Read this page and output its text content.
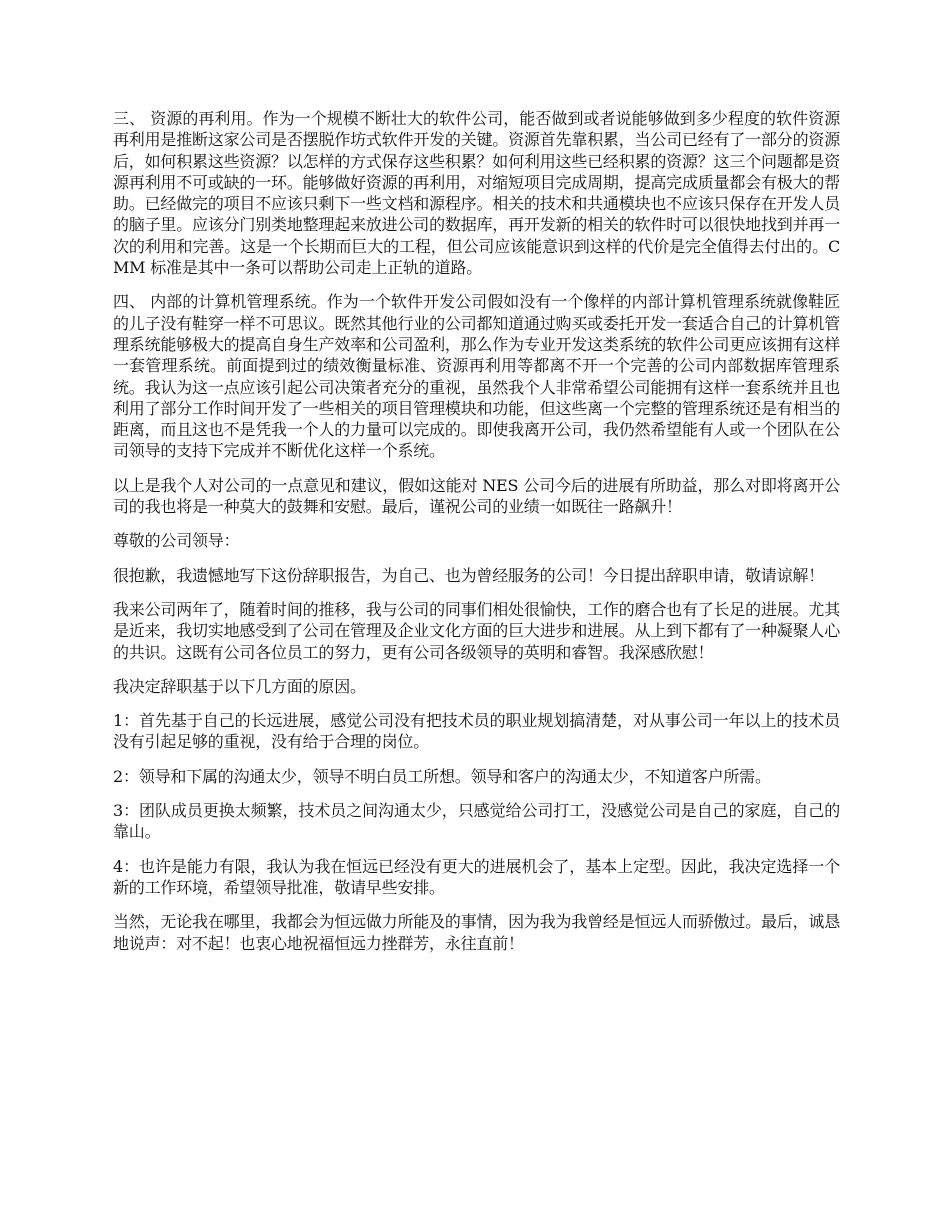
三、 资源的再利用。作为一个规模不断壮大的软件公司，能否做到或者说能够做到多少程度的软件资源再利用是推断这家公司是否摆脱作坊式软件开发的关键。资源首先靠积累，当公司已经有了一部分的资源后，如何积累这些资源？以怎样的方式保存这些积累？如何利用这些已经积累的资源？这三个问题都是资源再利用不可或缺的一环。能够做好资源的再利用，对缩短项目完成周期，提高完成质量都会有极大的帮助。已经做完的项目不应该只剩下一些文档和源程序。相关的技术和共通模块也不应该只保存在开发人员的脑子里。应该分门别类地整理起来放进公司的数据库，再开发新的相关的软件时可以很快地找到并再一次的利用和完善。这是一个长期而巨大的工程，但公司应该能意识到这样的代价是完全值得去付出的。CMM 标准是其中一条可以帮助公司走上正轨的道路。

四、 内部的计算机管理系统。作为一个软件开发公司假如没有一个像样的内部计算机管理系统就像鞋匠的儿子没有鞋穿一样不可思议。既然其他行业的公司都知道通过购买或委托开发一套适合自己的计算机管理系统能够极大的提高自身生产效率和公司盈利，那么作为专业开发这类系统的软件公司更应该拥有这样一套管理系统。前面提到过的绩效衡量标准、资源再利用等都离不开一个完善的公司内部数据库管理系统。我认为这一点应该引起公司决策者充分的重视，虽然我个人非常希望公司能拥有这样一套系统并且也利用了部分工作时间开发了一些相关的项目管理模块和功能，但这些离一个完整的管理系统还是有相当的距离，而且这也不是凭我一个人的力量可以完成的。即使我离开公司，我仍然希望能有人或一个团队在公司领导的支持下完成并不断优化这样一个系统。

以上是我个人对公司的一点意见和建议，假如这能对 NES 公司今后的进展有所助益，那么对即将离开公司的我也将是一种莫大的鼓舞和安慰。最后，谨祝公司的业绩一如既往一路飙升！

尊敬的公司领导：

很抱歉，我遗憾地写下这份辞职报告，为自己、也为曾经服务的公司！今日提出辞职申请，敬请谅解！

我来公司两年了，随着时间的推移，我与公司的同事们相处很愉快，工作的磨合也有了长足的进展。尤其是近来，我切实地感受到了公司在管理及企业文化方面的巨大进步和进展。从上到下都有了一种凝聚人心的共识。这既有公司各位员工的努力，更有公司各级领导的英明和睿智。我深感欣慰！

我决定辞职基于以下几方面的原因。

1：首先基于自己的长远进展，感觉公司没有把技术员的职业规划搞清楚，对从事公司一年以上的技术员没有引起足够的重视，没有给于合理的岗位。

2：领导和下属的沟通太少，领导不明白员工所想。领导和客户的沟通太少，不知道客户所需。

3：团队成员更换太频繁，技术员之间沟通太少，只感觉给公司打工，没感觉公司是自己的家庭，自己的靠山。

4：也许是能力有限，我认为我在恒远已经没有更大的进展机会了，基本上定型。因此，我决定选择一个新的工作环境，希望领导批准，敬请早些安排。

当然，无论我在哪里，我都会为恒远做力所能及的事情，因为我为我曾经是恒远人而骄傲过。最后，诚恳地说声：对不起！也衷心地祝福恒远力挫群芳，永往直前！
